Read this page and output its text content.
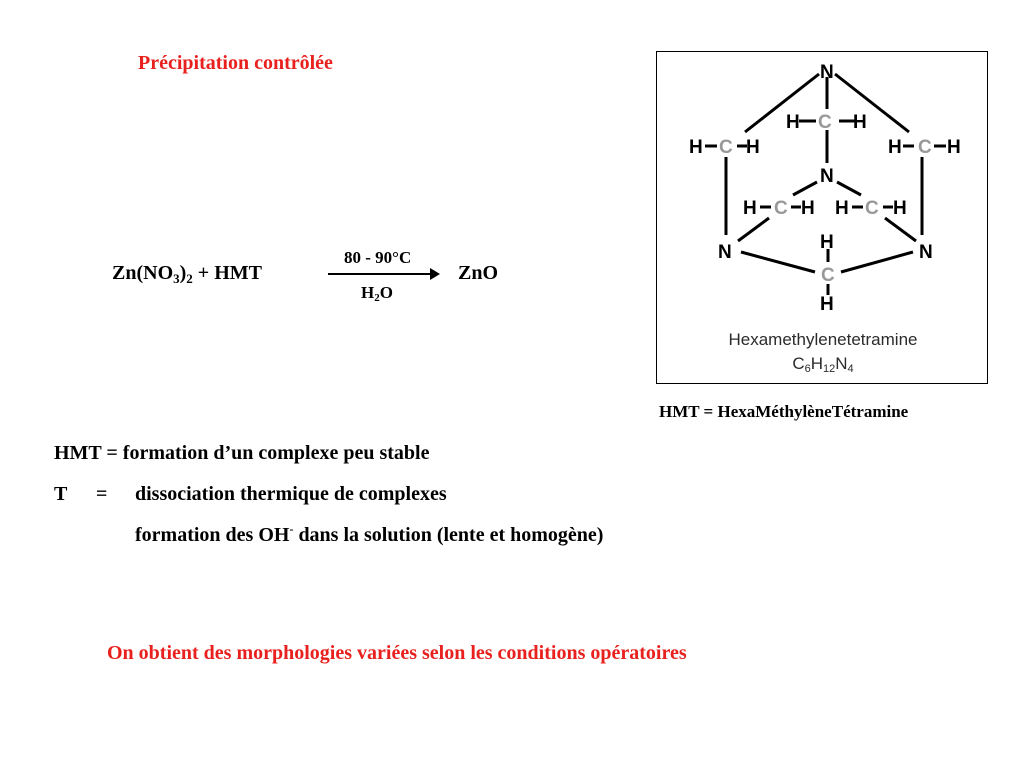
Précipitation contrôlée
$Zn(NO_3)_2$ + HMT
80 - 90°C
$H_2O$
ZnO
N
H C H
H C H	H C H
N
H C H H C H
H
N	N
C
H
Hexamethylenetetramine
$C_6H_{12}N_4$
HMT = HexaMéthylèneTétramine
HMT = formation d’un complexe peu stable
T = dissociation thermique de complexes
formation des OH- dans la solution (lente et homogène)
On obtient des morphologies variées selon les conditions opératoires
